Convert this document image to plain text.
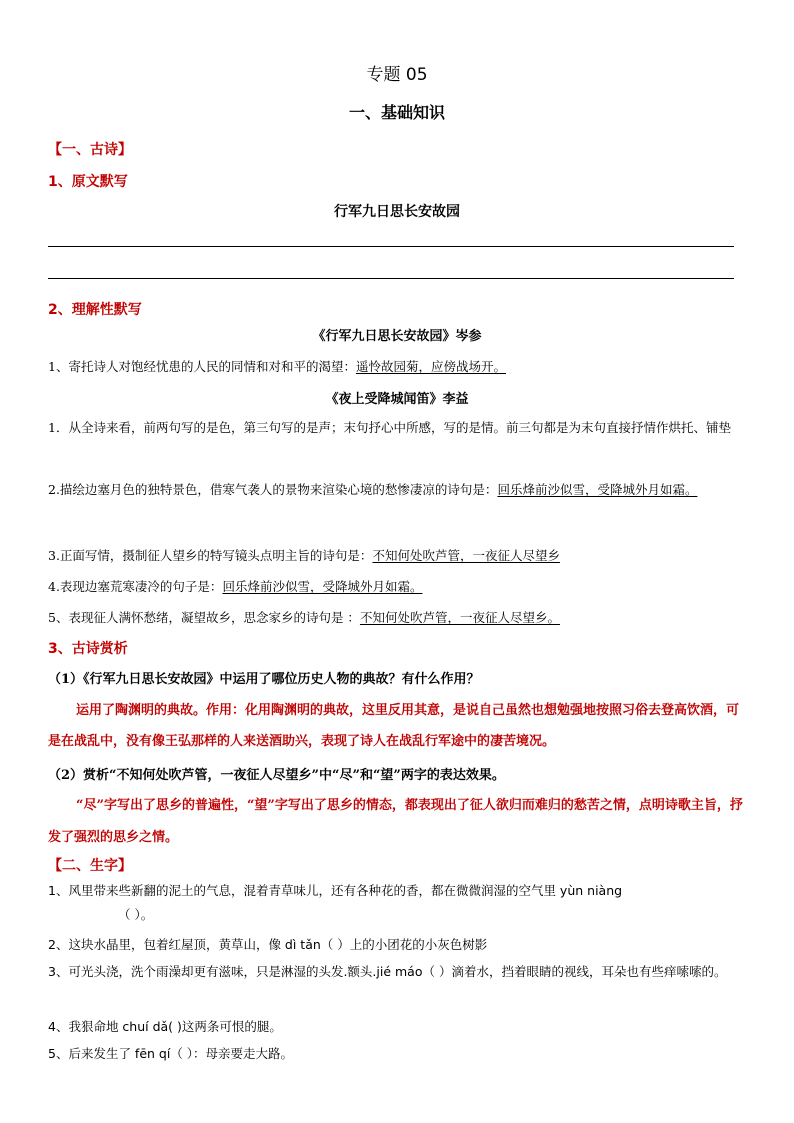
专题 05
一、基础知识
【一、古诗】
1、原文默写
行军九日思长安故园
2、理解性默写
《行军九日思长安故园》岑参
1、寄托诗人对饱经忧患的人民的同情和对和平的渴望：遥怜故园菊，应傍战场开。
《夜上受降城闻笛》李益
1．从全诗来看，前两句写的是色，第三句写的是声；末句抒心中所感，写的是情。前三句都是为末句直接抒情作烘托、铺垫
2.描绘边塞月色的独特景色，借寒气袭人的景物来渲染心境的愁惨凄凉的诗句是：回乐烽前沙似雪，受降城外月如霜。
3.正面写情，摄制征人望乡的特写镜头点明主旨的诗句是：不知何处吹芦管，一夜征人尽望乡
4.表现边塞荒寒凄冷的句子是：回乐烽前沙似雪，受降城外月如霜。
5、表现征人满怀愁绪，凝望故乡，思念家乡的诗句是 ：不知何处吹芦管，一夜征人尽望乡。
3、古诗赏析
（1）《行军九日思长安故园》中运用了哪位历史人物的典故？有什么作用？
运用了陶渊明的典故。作用：化用陶渊明的典故，这里反用其意，是说自己虽然也想勉强地按照习俗去登高饮酒，可是在战乱中，没有像王弘那样的人来送酒助兴，表现了诗人在战乱行军途中的凄苦境况。
（2）赏析“不知何处吹芦管，一夜征人尽望乡”中“尽”和“望”两字的表达效果。
“尽”字写出了思乡的普遍性，“望”字写出了思乡的情态，都表现出了征人欲归而难归的愁苦之情，点明诗歌主旨，抒发了强烈的思乡之情。
【二、生字】
1、风里带来些新翻的泥土的气息，混着青草味儿，还有各种花的香，都在微微润湿的空气里 yùn niàng
（ ）。
2、这块水晶里，包着红屋顶，黄草山，像 dì tǎn（ ）上的小团花的小灰色树影
3、可光头浇，洗个雨澡却更有滋味，只是淋湿的头发.额头.jié máo（ ）滴着水，挡着眼睛的视线，耳朵也有些痒嗦嗦的。
4、我狠命地 chuí dǎ( )这两条可恨的腿。
5、后来发生了 fēn qí（ ）：母亲要走大路。
